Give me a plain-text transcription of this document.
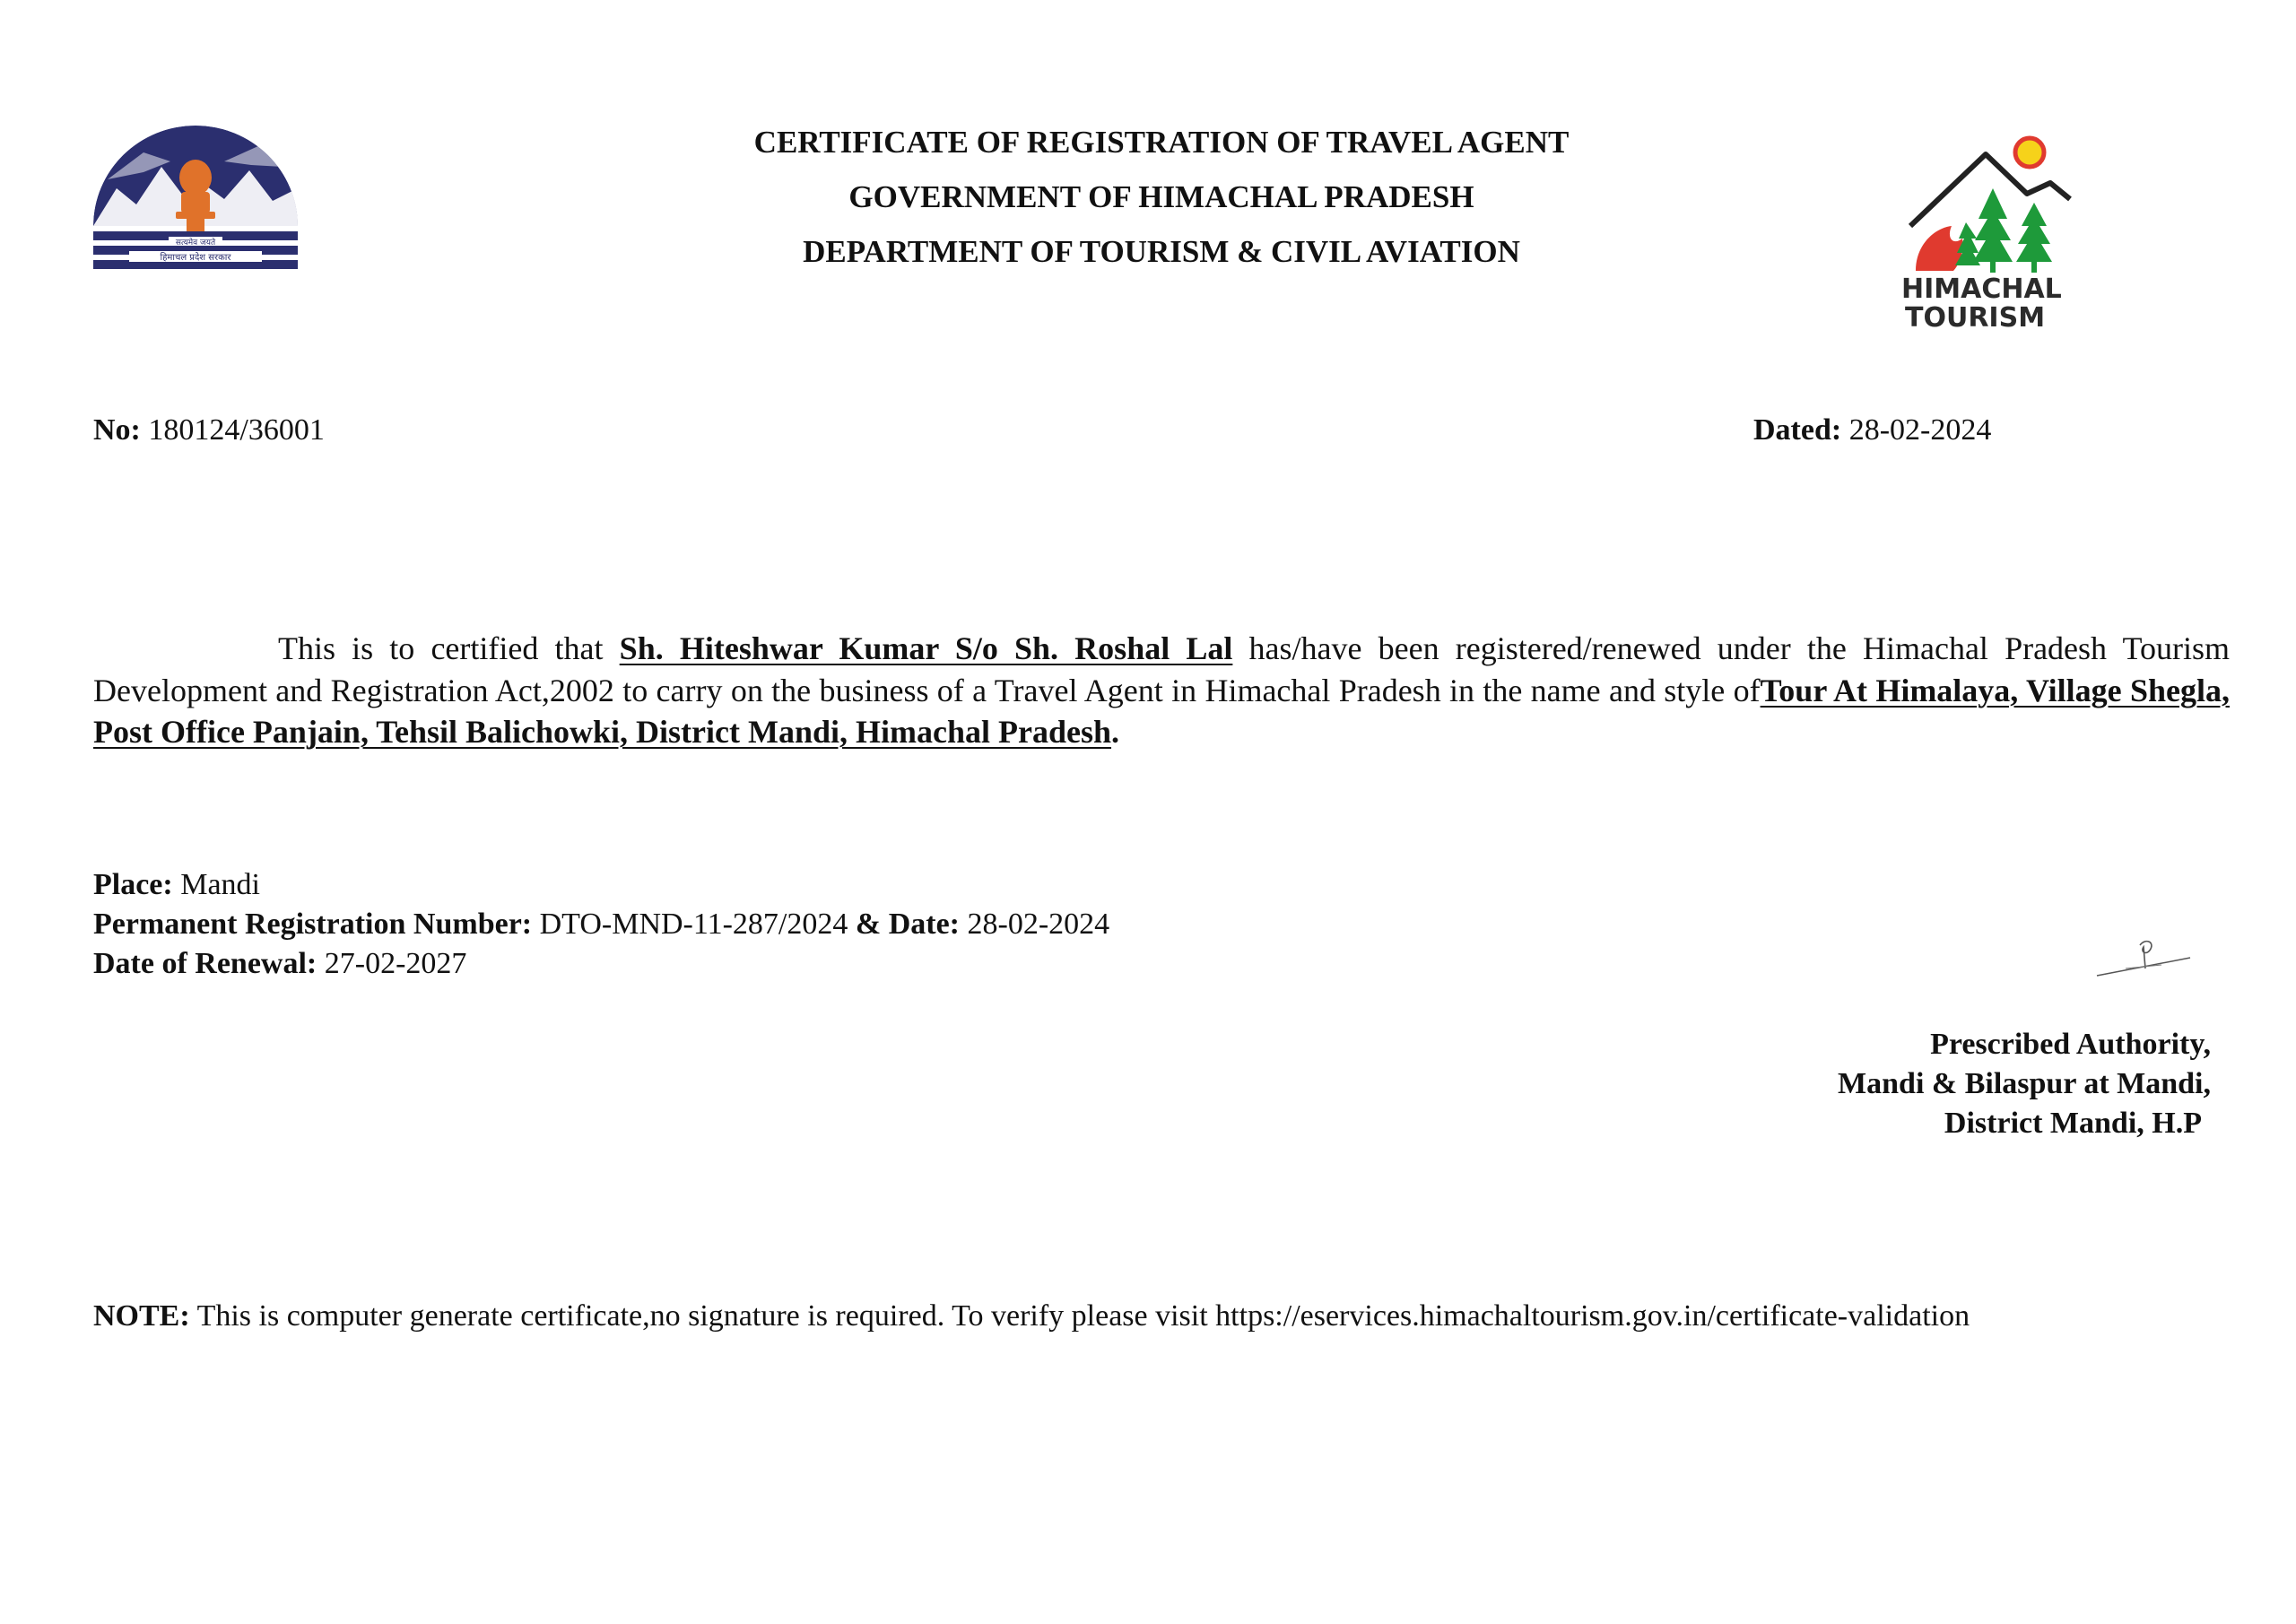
सत्यमेव जयते
हिमाचल प्रदेश सरकार
CERTIFICATE OF REGISTRATION OF TRAVEL AGENT
GOVERNMENT OF HIMACHAL PRADESH
DEPARTMENT OF TOURISM & CIVIL AVIATION
HIMACHAL
TOURISM
No: 180124/36001	Dated: 28-02-2024
This is to certified that Sh. Hiteshwar Kumar S/o Sh. Roshal Lal has/have been registered/renewed under the Himachal Pradesh Tourism Development and Registration Act,2002 to carry on the business of a Travel Agent in Himachal Pradesh in the name and style ofTour At Himalaya, Village Shegla, Post Office Panjain, Tehsil Balichowki, District Mandi, Himachal Pradesh.
Place: Mandi
Permanent Registration Number: DTO-MND-11-287/2024 & Date: 28-02-2024
Date of Renewal: 27-02-2027
Prescribed Authority,
Mandi & Bilaspur at Mandi,
District Mandi, H.P
NOTE: This is computer generate certificate,no signature is required. To verify please visit https://eservices.himachaltourism.gov.in/certificate-validation
